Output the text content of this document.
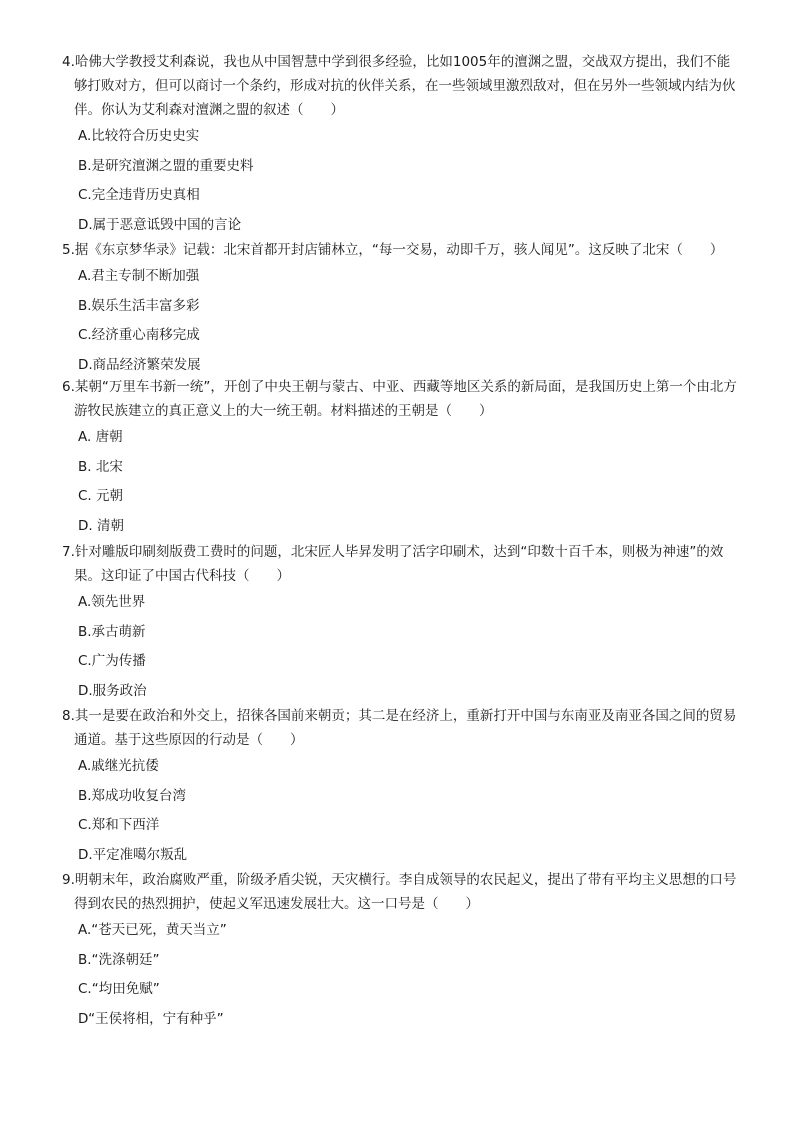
4.哈佛大学教授艾利森说，我也从中国智慧中学到很多经验，比如1005年的澶渊之盟，交战双方提出，我们不能够打败对方，但可以商讨一个条约，形成对抗的伙伴关系，在一些领域里激烈敌对，但在另外一些领域内结为伙伴。你认为艾利森对澶渊之盟的叙述（　　）

A.比较符合历史史实
B.是研究澶渊之盟的重要史料
C.完全违背历史真相
D.属于恶意诋毁中国的言论

5.据《东京梦华录》记载：北宋首都开封店铺林立，“每一交易，动即千万，骇人闻见”。这反映了北宋（　　）

A.君主专制不断加强
B.娱乐生活丰富多彩
C.经济重心南移完成
D.商品经济繁荣发展

6.某朝“万里车书新一统”，开创了中央王朝与蒙古、中亚、西藏等地区关系的新局面，是我国历史上第一个由北方游牧民族建立的真正意义上的大一统王朝。材料描述的王朝是（　　）

A. 唐朝
B. 北宋
C. 元朝
D. 清朝

7.针对雕版印刷刻版费工费时的问题，北宋匠人毕昇发明了活字印刷术，达到“印数十百千本，则极为神速”的效果。这印证了中国古代科技（　　）

A.领先世界
B.承古萌新
C.广为传播
D.服务政治

8.其一是要在政治和外交上，招徕各国前来朝贡；其二是在经济上，重新打开中国与东南亚及南亚各国之间的贸易通道。基于这些原因的行动是（　　）

A.戚继光抗倭
B.郑成功收复台湾
C.郑和下西洋
D.平定准噶尔叛乱

9.明朝末年，政治腐败严重，阶级矛盾尖锐，天灾横行。李自成领导的农民起义，提出了带有平均主义思想的口号得到农民的热烈拥护，使起义军迅速发展壮大。这一口号是（　　）

A.“苍天已死，黄天当立”
B.“洗涤朝廷”
C.“均田免赋”
D“王侯将相，宁有种乎”
